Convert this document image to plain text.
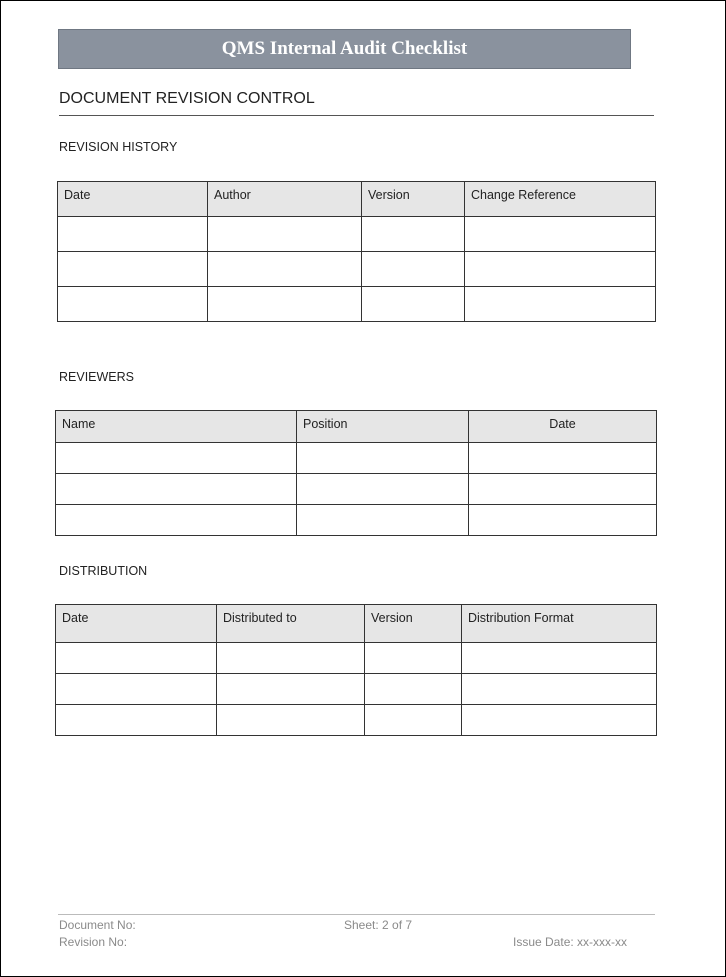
QMS Internal Audit Checklist
DOCUMENT REVISION CONTROL
REVISION HISTORY
Date	Author	Version	Change Reference

REVIEWERS
Name	Position	Date

DISTRIBUTION
Date	Distributed to	Version	Distribution Format

Document No:	Sheet: 2 of 7
Revision No:	Issue Date: xx-xxx-xx
